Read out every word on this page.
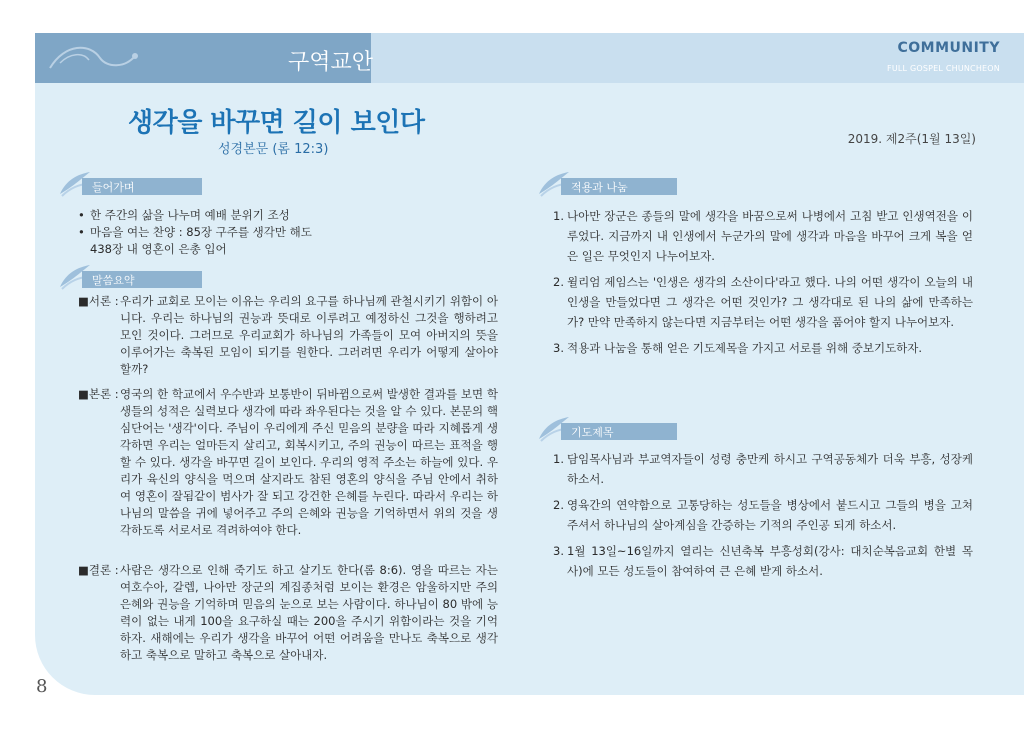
구역교안
COMMUNITY
FULL GOSPEL CHUNCHEON
생각을 바꾸면 길이 보인다
성경본문 (롬 12:3)
2019. 제2주(1월 13일)
들어가며
• 한 주간의 삶을 나누며 예배 분위기 조성
• 마음을 여는 찬양 : 85장 구주를 생각만 해도
438장 내 영혼이 은총 입어
말씀요약
■서론 : 우리가 교회로 모이는 이유는 우리의 요구를 하나님께 관철시키기 위함이 아니다. 우리는 하나님의 권능과 뜻대로 이루려고 예정하신 그것을 행하려고 모인 것이다. 그러므로 우리교회가 하나님의 가족들이 모여 아버지의 뜻을 이루어가는 축복된 모임이 되기를 원한다. 그러려면 우리가 어떻게 살아야 할까?
■본론 : 영국의 한 학교에서 우수반과 보통반이 뒤바뀜으로써 발생한 결과를 보면 학생들의 성적은 실력보다 생각에 따라 좌우된다는 것을 알 수 있다. 본문의 핵심단어는 '생각'이다. 주님이 우리에게 주신 믿음의 분량을 따라 지혜롭게 생각하면 우리는 얼마든지 살리고, 회복시키고, 주의 권능이 따르는 표적을 행할 수 있다. 생각을 바꾸면 길이 보인다. 우리의 영적 주소는 하늘에 있다. 우리가 육신의 양식을 먹으며 살지라도 참된 영혼의 양식을 주님 안에서 취하여 영혼이 잘됨같이 범사가 잘 되고 강건한 은혜를 누린다. 따라서 우리는 하나님의 말씀을 귀에 넣어주고 주의 은혜와 권능을 기억하면서 위의 것을 생각하도록 서로서로 격려하여야 한다.
■결론 : 사람은 생각으로 인해 죽기도 하고 살기도 한다(롬 8:6). 영을 따르는 자는 여호수아, 갈렙, 나아만 장군의 계집종처럼 보이는 환경은 암울하지만 주의 은혜와 권능을 기억하며 믿음의 눈으로 보는 사람이다. 하나님이 80 밖에 능력이 없는 내게 100을 요구하실 때는 200을 주시기 위함이라는 것을 기억하자. 새해에는 우리가 생각을 바꾸어 어떤 어려움을 만나도 축복으로 생각하고 축복으로 말하고 축복으로 살아내자.
적용과 나눔
1. 나아만 장군은 종들의 말에 생각을 바꿈으로써 나병에서 고침 받고 인생역전을 이루었다. 지금까지 내 인생에서 누군가의 말에 생각과 마음을 바꾸어 크게 복을 얻은 일은 무엇인지 나누어보자.
2. 윌리엄 제임스는 '인생은 생각의 소산이다'라고 했다. 나의 어떤 생각이 오늘의 내 인생을 만들었다면 그 생각은 어떤 것인가? 그 생각대로 된 나의 삶에 만족하는가? 만약 만족하지 않는다면 지금부터는 어떤 생각을 품어야 할지 나누어보자.
3. 적용과 나눔을 통해 얻은 기도제목을 가지고 서로를 위해 중보기도하자.
기도제목
1. 담임목사님과 부교역자들이 성령 충만케 하시고 구역공동체가 더욱 부흥, 성장케 하소서.
2. 영육간의 연약함으로 고통당하는 성도들을 병상에서 붙드시고 그들의 병을 고쳐주셔서 하나님의 살아계심을 간증하는 기적의 주인공 되게 하소서.
3. 1월 13일~16일까지 열리는 신년축복 부흥성회(강사: 대치순복음교회 한별 목사)에 모든 성도들이 참여하여 큰 은혜 받게 하소서.
8
